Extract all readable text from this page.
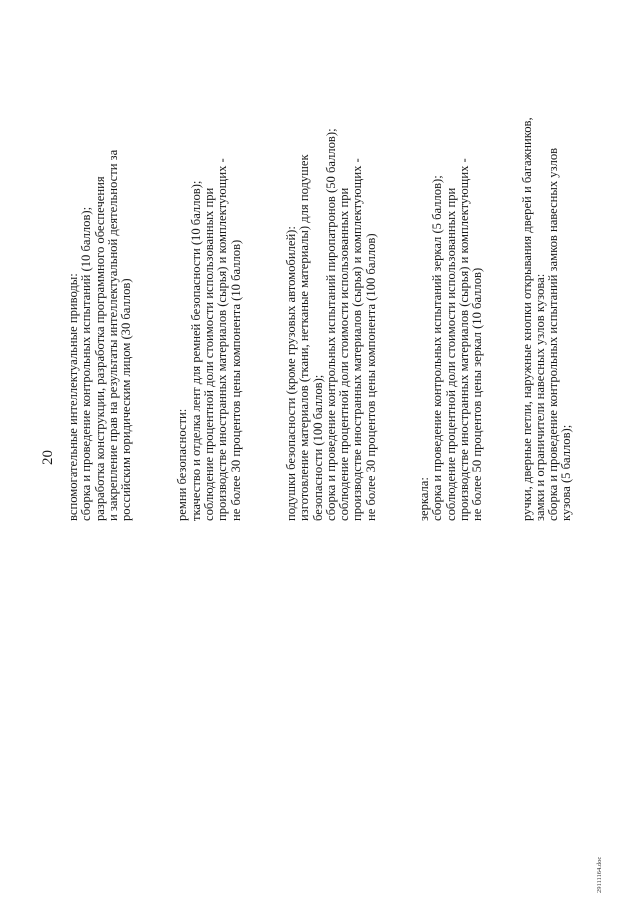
20 вспомогательные интеллектуальные приводы: сборка и проведение контрольных испытаний (10 баллов); разработка конструкции, разработка программного обеспечения и закрепление прав на результаты интеллектуальной деятельности за российским юридическим лицом (30 баллов)	ремни безопасности: ткачество и отделка лент для ремней безопасности (10 баллов); соблюдение процентной доли стоимости использованных при производстве иностранных материалов (сырья) и комплектующих - не более 30 процентов цены компонента (10 баллов)	подушки безопасности (кроме грузовых автомобилей): изготовление материалов (ткани, нетканые материалы) для подушек безопасности (100 баллов); сборка и проведение контрольных испытаний пиропатронов (50 баллов); соблюдение процентной доли стоимости использованных при производстве иностранных материалов (сырья) и комплектующих - не более 30 процентов цены компонента (100 баллов)	зеркала: сборка и проведение контрольных испытаний зеркал (5 баллов); соблюдение процентной доли стоимости использованных при производстве иностранных материалов (сырья) и комплектующих - не более 50 процентов цены зеркал (10 баллов)	ручки, дверные петли, наружные кнопки открывания дверей и багажников, замки и ограничители навесных узлов кузова: сборка и проведение контрольных испытаний замков навесных узлов кузова (5 баллов);
29111164.doc
